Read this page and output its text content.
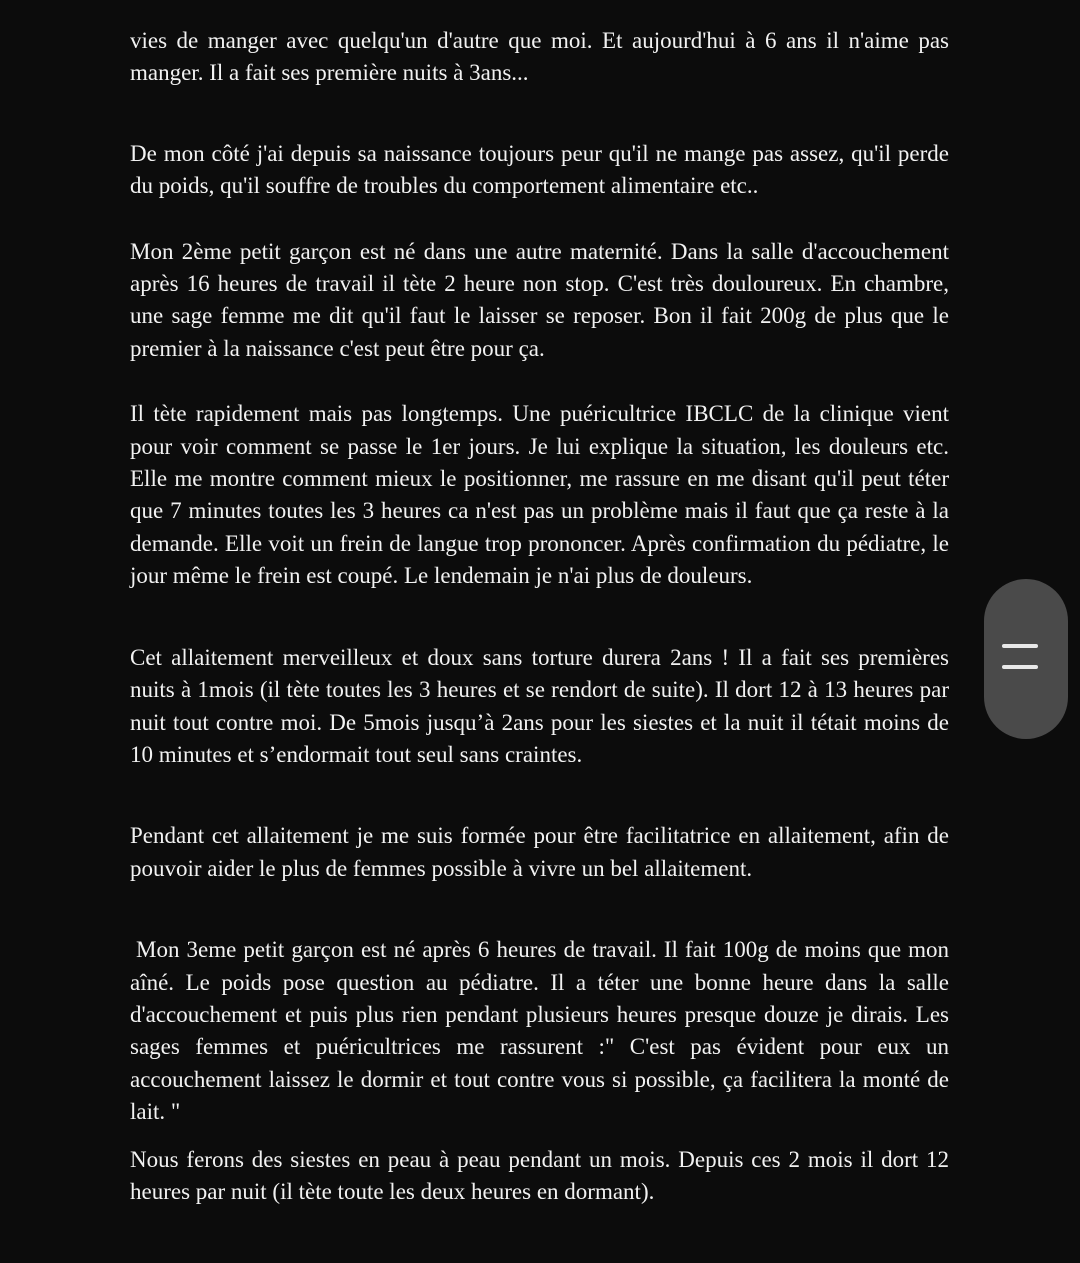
vies de manger avec quelqu'un d'autre que moi. Et aujourd'hui à 6 ans il n'aime pas manger. Il a fait ses première nuits à 3ans...

De mon côté j'ai depuis sa naissance toujours peur qu'il ne mange pas assez, qu'il perde du poids, qu'il souffre de troubles du comportement alimentaire etc..

Mon 2ème petit garçon est né dans une autre maternité. Dans la salle d'accouchement après 16 heures de travail il tète 2 heure non stop. C'est très douloureux. En chambre, une sage femme me dit qu'il faut le laisser se reposer. Bon il fait 200g de plus que le premier à la naissance c'est peut être pour ça.

Il tète rapidement mais pas longtemps. Une puéricultrice IBCLC de la clinique vient pour voir comment se passe le 1er jours. Je lui explique la situation, les douleurs etc. Elle me montre comment mieux le positionner, me rassure en me disant qu'il peut téter que 7 minutes toutes les 3 heures ca n'est pas un problème mais il faut que ça reste à la demande. Elle voit un frein de langue trop prononcer. Après confirmation du pédiatre, le jour même le frein est coupé. Le lendemain je n'ai plus de douleurs.

Cet allaitement merveilleux et doux sans torture durera 2ans ! Il a fait ses premières nuits à 1mois (il tète toutes les 3 heures et se rendort de suite). Il dort 12 à 13 heures par nuit tout contre moi. De 5mois jusqu’à 2ans pour les siestes et la nuit il tétait moins de 10 minutes et s’endormait tout seul sans craintes.

Pendant cet allaitement je me suis formée pour être facilitatrice en allaitement, afin de pouvoir aider le plus de femmes possible à vivre un bel allaitement.

Mon 3eme petit garçon est né après 6 heures de travail. Il fait 100g de moins que mon aîné. Le poids pose question au pédiatre. Il a téter une bonne heure dans la salle d'accouchement et puis plus rien pendant plusieurs heures presque douze je dirais. Les sages femmes et puéricultrices me rassurent :" C'est pas évident pour eux un accouchement laissez le dormir et tout contre vous si possible, ça facilitera la monté de lait. "

Nous ferons des siestes en peau à peau pendant un mois. Depuis ces 2 mois il dort 12 heures par nuit (il tète toute les deux heures en dormant).
